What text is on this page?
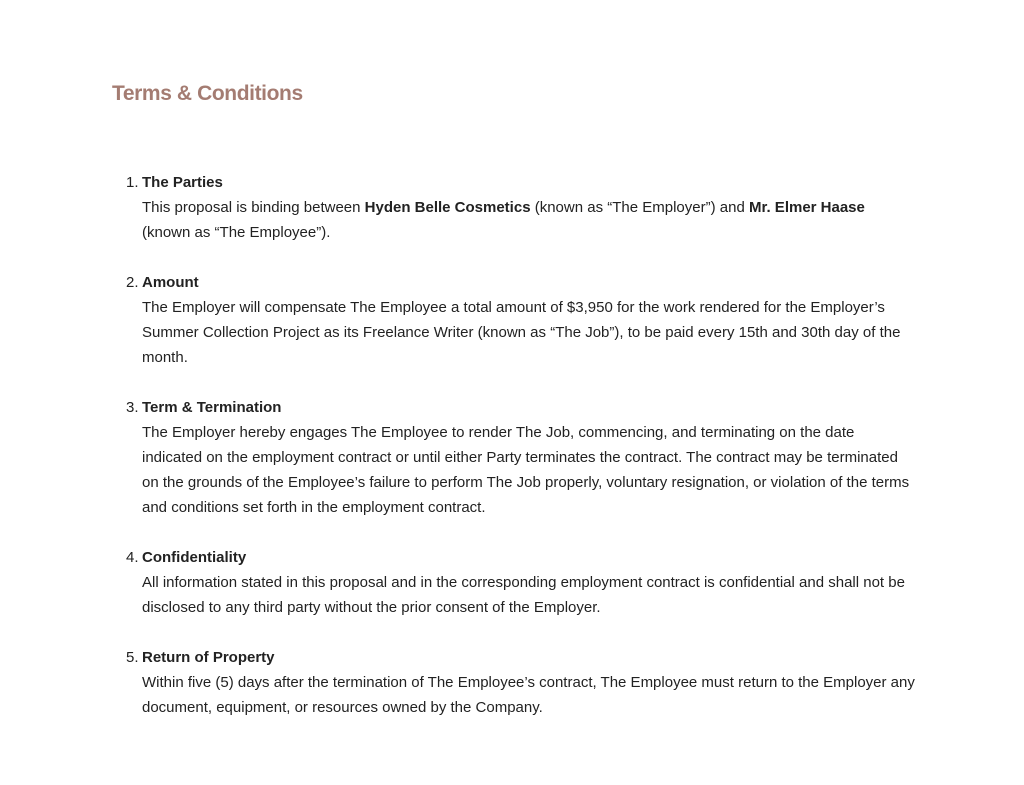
Terms & Conditions
1. The Parties
This proposal is binding between Hyden Belle Cosmetics (known as “The Employer”) and Mr. Elmer Haase (known as “The Employee”).
2. Amount
The Employer will compensate The Employee a total amount of $3,950 for the work rendered for the Employer’s Summer Collection Project as its Freelance Writer (known as “The Job”), to be paid every 15th and 30th day of the month.
3. Term & Termination
The Employer hereby engages The Employee to render The Job, commencing, and terminating on the date indicated on the employment contract or until either Party terminates the contract. The contract may be terminated on the grounds of the Employee’s failure to perform The Job properly, voluntary resignation, or violation of the terms and conditions set forth in the employment contract.
4. Confidentiality
All information stated in this proposal and in the corresponding employment contract is confidential and shall not be disclosed to any third party without the prior consent of the Employer.
5. Return of Property
Within five (5) days after the termination of The Employee’s contract, The Employee must return to the Employer any document, equipment, or resources owned by the Company.
